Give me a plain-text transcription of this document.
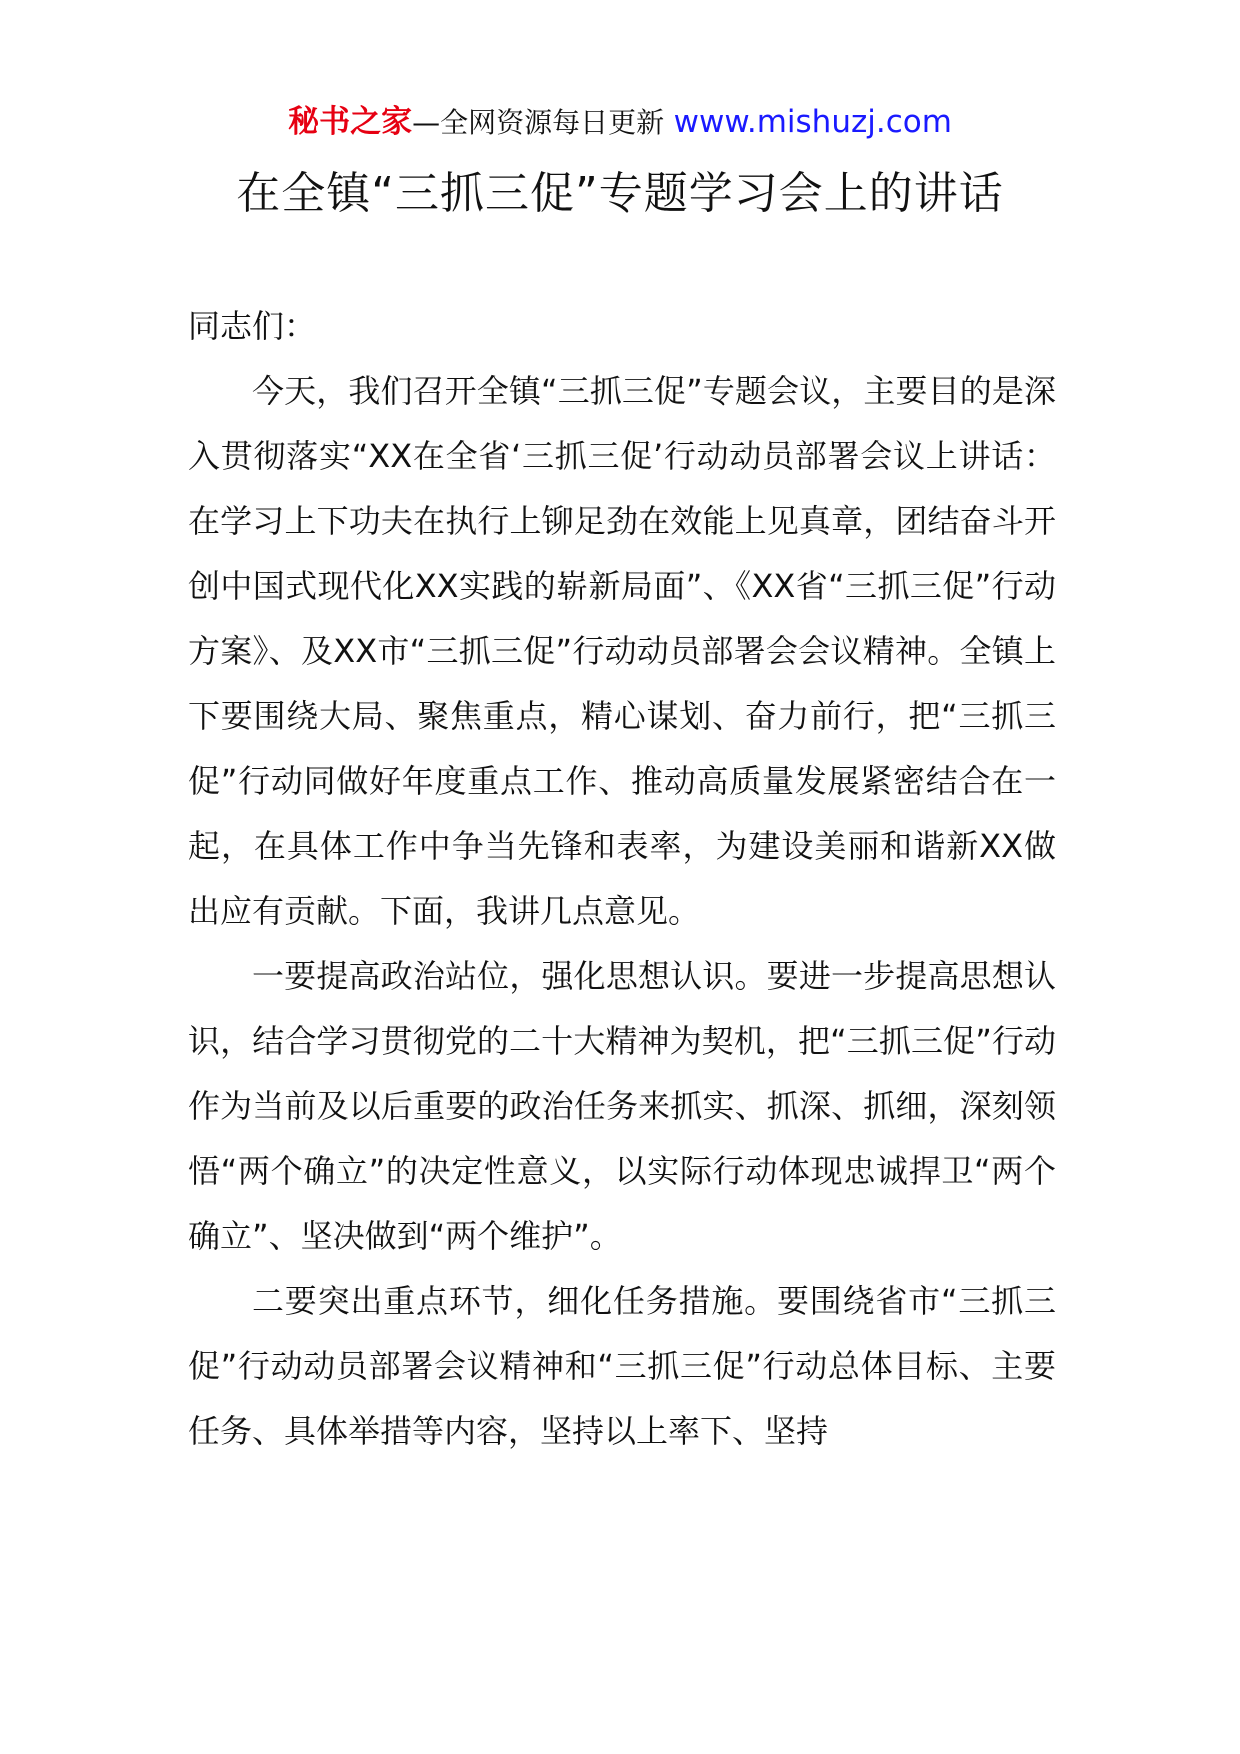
秘书之家—全网资源每日更新 www.mishuzj.com
在全镇“三抓三促”专题学习会上的讲话

同志们：

今天，我们召开全镇“三抓三促”专题会议，主要目的是深入贯彻落实“XX在全省‘三抓三促’行动动员部署会议上讲话：在学习上下功夫在执行上铆足劲在效能上见真章，团结奋斗开创中国式现代化XX实践的崭新局面”、《XX省“三抓三促”行动方案》、及XX市“三抓三促”行动动员部署会会议精神。全镇上下要围绕大局、聚焦重点，精心谋划、奋力前行，把“三抓三促”行动同做好年度重点工作、推动高质量发展紧密结合在一起，在具体工作中争当先锋和表率，为建设美丽和谐新XX做出应有贡献。下面，我讲几点意见。

一要提高政治站位，强化思想认识。要进一步提高思想认识，结合学习贯彻党的二十大精神为契机，把“三抓三促”行动作为当前及以后重要的政治任务来抓实、抓深、抓细，深刻领悟“两个确立”的决定性意义，以实际行动体现忠诚捍卫“两个确立”、坚决做到“两个维护”。

二要突出重点环节，细化任务措施。要围绕省市“三抓三促”行动动员部署会议精神和“三抓三促”行动总体目标、主要任务、具体举措等内容，坚持以上率下、坚持
